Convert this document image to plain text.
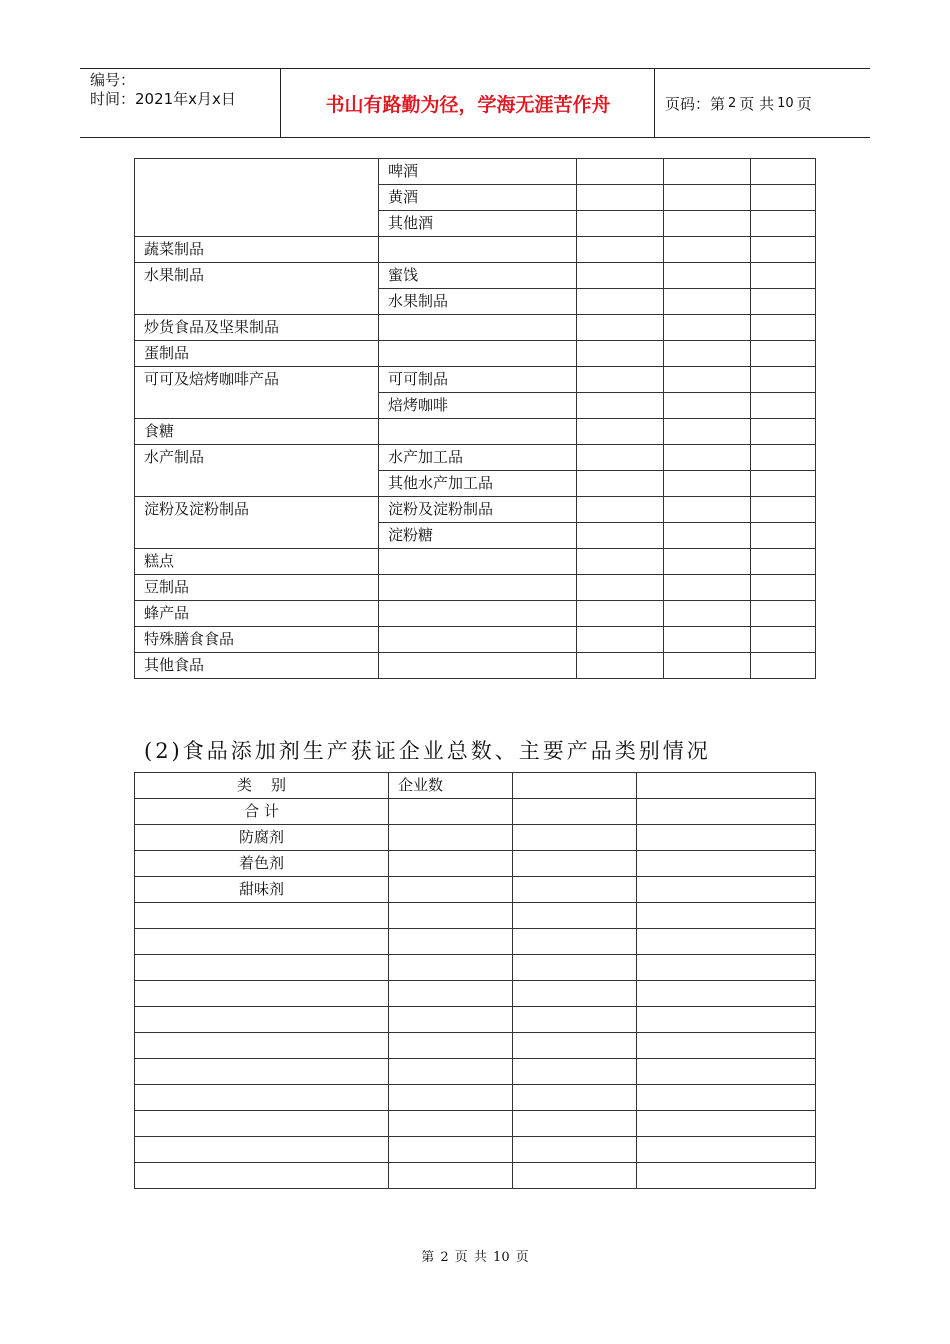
编号：
时间：2021年x月x日	书山有路勤为径，学海无涯苦作舟	页码：第 2 页 共 10 页
	啤酒			
	黄酒			
	其他酒			
蔬菜制品				
水果制品	蜜饯			
	水果制品			
炒货食品及坚果制品				
蛋制品				
可可及焙烤咖啡产品	可可制品			
	焙烤咖啡			
食糖				
水产制品	水产加工品			
	其他水产加工品			
淀粉及淀粉制品	淀粉及淀粉制品			
	淀粉糖			
糕点				
豆制品				
蜂产品				
特殊膳食食品				
其他食品				
(2)食品添加剂生产获证企业总数、主要产品类别情况
类    别	企业数		
合 计			
防腐剂			
着色剂			
甜味剂			

第 2 页 共 10 页
